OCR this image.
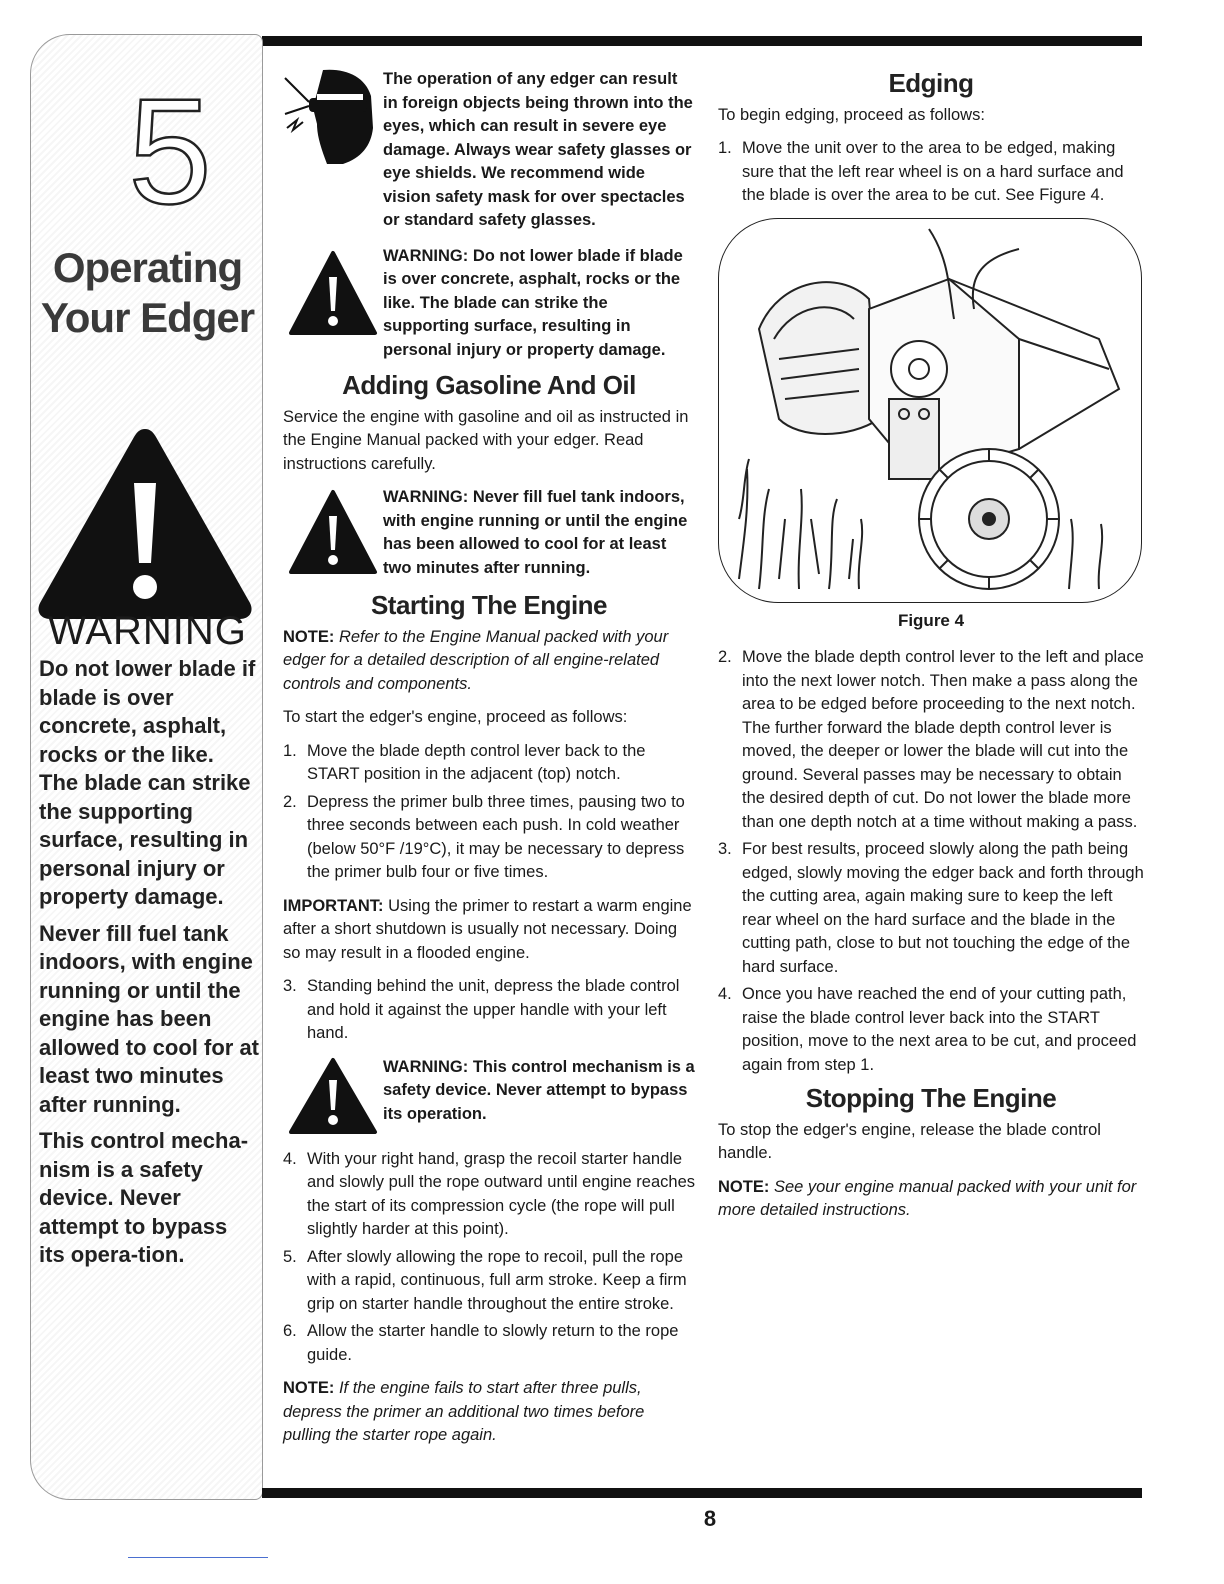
5
Operating
Your Edger
WARNING

Do not lower blade if blade is over concrete, asphalt, rocks or the like. The blade can strike the supporting surface, resulting in personal injury or property damage.

Never fill fuel tank indoors, with engine running or until the engine has been allowed to cool for at least two minutes after running.

This control mecha-nism is a safety device. Never attempt to bypass its opera-tion.

The operation of any edger can result in foreign objects being thrown into the eyes, which can result in severe eye damage. Always wear safety glasses or eye shields. We recommend wide vision safety mask for over spectacles or standard safety glasses.
WARNING: Do not lower blade if blade is over concrete, asphalt, rocks or the like. The blade can strike the supporting surface, resulting in personal injury or property damage.
Adding Gasoline And Oil

Service the engine with gasoline and oil as instructed in the Engine Manual packed with your edger. Read instructions carefully.

WARNING: Never fill fuel tank indoors, with engine running or until the engine has been allowed to cool for at least two minutes after running.
Starting The Engine

NOTE: Refer to the Engine Manual packed with your edger for a detailed description of all engine-related controls and components.

To start the edger's engine, proceed as follows:

1. Move the blade depth control lever back to the START position in the adjacent (top) notch.
2. Depress the primer bulb three times, pausing two to three seconds between each push. In cold weather (below 50°F /19°C), it may be necessary to depress the primer bulb four or five times.

IMPORTANT: Using the primer to restart a warm engine after a short shutdown is usually not necessary. Doing so may result in a flooded engine.

3. Standing behind the unit, depress the blade control and hold it against the upper handle with your left hand.
WARNING: This control mechanism is a safety device. Never attempt to bypass its operation.
4. With your right hand, grasp the recoil starter handle and slowly pull the rope outward until engine reaches the start of its compression cycle (the rope will pull slightly harder at this point).
5. After slowly allowing the rope to recoil, pull the rope with a rapid, continuous, full arm stroke. Keep a firm grip on starter handle throughout the entire stroke.
6. Allow the starter handle to slowly return to the rope guide.

NOTE: If the engine fails to start after three pulls, depress the primer an additional two times before pulling the starter rope again.

Edging

To begin edging, proceed as follows:

1. Move the unit over to the area to be edged, making sure that the left rear wheel is on a hard surface and the blade is over the area to be cut. See Figure 4.
Figure 4
2. Move the blade depth control lever to the left and place into the next lower notch. Then make a pass along the area to be edged before proceeding to the next notch. The further forward the blade depth control lever is moved, the deeper or lower the blade will cut into the ground. Several passes may be necessary to obtain the desired depth of cut. Do not lower the blade more than one depth notch at a time without making a pass.
3. For best results, proceed slowly along the path being edged, slowly moving the edger back and forth through the cutting area, again making sure to keep the left rear wheel on the hard surface and the blade in the cutting path, close to but not touching the edge of the hard surface.
4. Once you have reached the end of your cutting path, raise the blade control lever back into the START position, move to the next area to be cut, and proceed again from step 1.
Stopping The Engine

To stop the edger's engine, release the blade control handle.

NOTE: See your engine manual packed with your unit for more detailed instructions.

8
